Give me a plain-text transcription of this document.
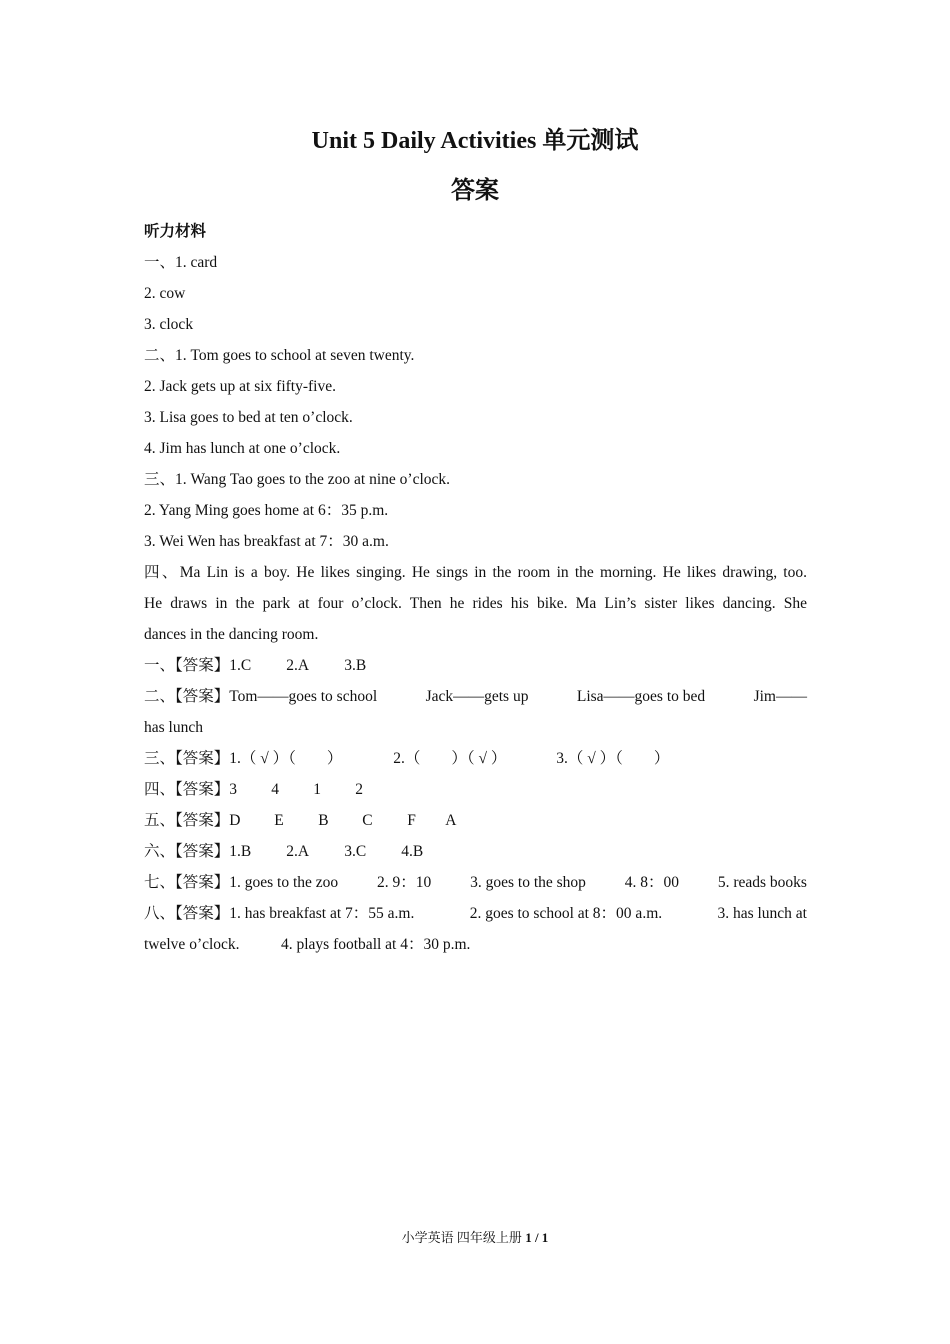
Unit 5 Daily Activities 单元测试
答案
听力材料
一、1. card
2. cow
3. clock
二、1. Tom goes to school at seven twenty.
2. Jack gets up at six fifty-five.
3. Lisa goes to bed at ten o’clock.
4. Jim has lunch at one o’clock.
三、1. Wang Tao goes to the zoo at nine o’clock.
2. Yang Ming goes home at 6：35 p.m.
3. Wei Wen has breakfast at 7：30 a.m.
四、Ma Lin is a boy. He likes singing. He sings in the room in the morning. He likes drawing, too.
He draws in the park at four o’clock. Then he rides his bike. Ma Lin’s sister likes dancing. She
dances in the dancing room.
一、【答案】 1.C	2.A	3.B
二、【答案】Tom——goes to school	Jack——gets up	Lisa——goes to bed	Jim——
has lunch
三、【答案】 1.（ √ ）（        ）	2.（        ）（ √ ）	3.（ √ ）（        ）
四、【答案】 3	4	1	2
五、【答案】 D	E	B	C	F	A
六、【答案】 1.B	2.A	3.C	4.B
七、【答案】1. goes to the zoo	2. 9：10	3. goes to the shop	4. 8：00	5. reads books
八、【答案】1. has breakfast at 7：55 a.m.	2. goes to school at 8：00 a.m.	3. has lunch at
twelve o’clock.	4. plays football at 4：30 p.m.
小学英语 四年级上册 1 / 1
